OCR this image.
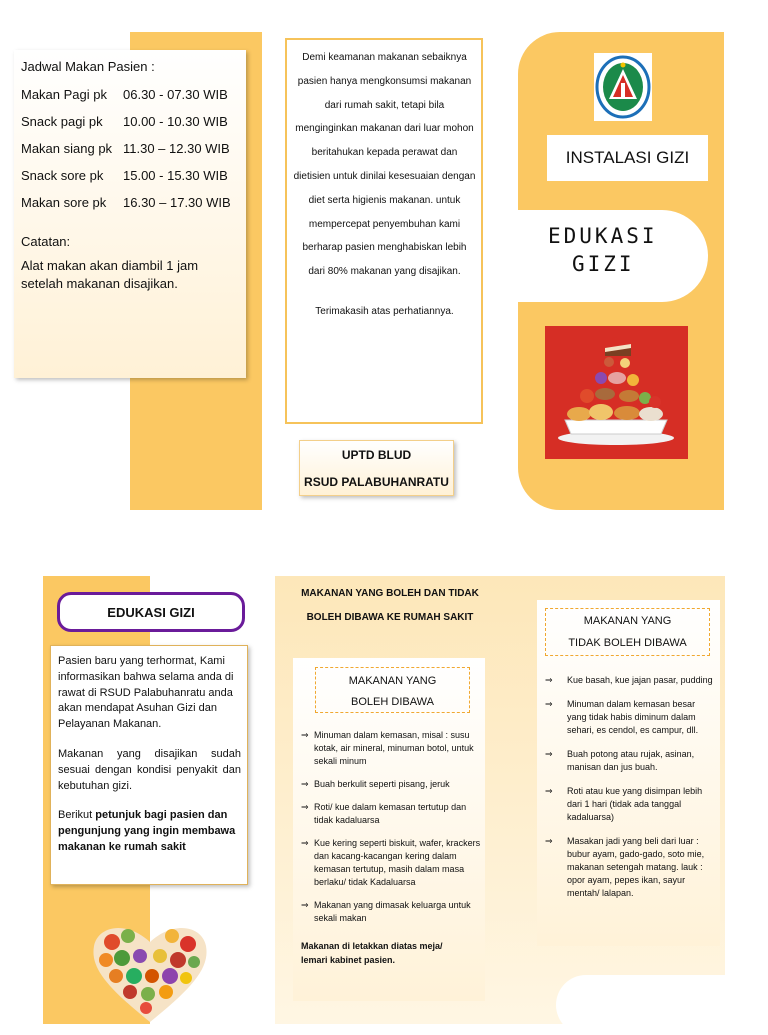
Jadwal Makan Pasien :
Makan Pagi pk	06.30 - 07.30 WIB
Snack pagi pk	10.00 - 10.30 WIB
Makan siang pk 11.30 – 12.30 WIB
Snack sore pk	15.00 - 15.30 WIB
Makan sore pk	16.30 – 17.30 WIB
Catatan:
Alat makan akan diambil 1 jam setelah makanan disajikan.
Demi keamanan makanan sebaiknya pasien hanya mengkonsumsi makanan dari rumah sakit, tetapi bila menginginkan makanan dari luar mohon beritahukan kepada perawat dan dietisien untuk dinilai kesesuaian dengan diet serta higienis makanan. untuk mempercepat penyembuhan kami berharap pasien menghabiskan lebih dari 80% makanan yang disajikan.
Terimakasih atas perhatiannya.
UPTD BLUD
RSUD PALABUHANRATU
INSTALASI GIZI
EDUKASI
GIZI
EDUKASI GIZI
Pasien baru yang terhormat, Kami informasikan bahwa selama anda di rawat di RSUD Palabuhanratu anda akan mendapat Asuhan Gizi dan Pelayanan Makanan.
Makanan yang disajikan sudah sesuai dengan kondisi penyakit dan kebutuhan gizi.
Berikut petunjuk bagi pasien dan pengunjung yang ingin membawa makanan ke rumah sakit
MAKANAN YANG BOLEH DAN TIDAK
BOLEH DIBAWA KE RUMAH SAKIT
MAKANAN YANG
BOLEH DIBAWA
⇒ Minuman dalam kemasan, misal : susu kotak, air mineral, minuman botol, untuk sekali minum
⇒ Buah berkulit seperti pisang, jeruk
⇒ Roti/ kue dalam kemasan tertutup dan tidak kadaluarsa
⇒ Kue kering seperti biskuit, wafer, krackers dan kacang-kacangan kering dalam kemasan tertutup, masih dalam masa berlaku/ tidak Kadaluarsa
⇒ Makanan yang dimasak keluarga untuk sekali makan
Makanan di letakkan diatas meja/ lemari kabinet pasien.
MAKANAN YANG
TIDAK BOLEH DIBAWA
⇒ Kue basah, kue jajan pasar, pudding
⇒ Minuman dalam kemasan besar yang tidak habis diminum dalam sehari, es cendol, es campur, dll.
⇒ Buah potong atau rujak, asinan, manisan dan jus buah.
⇒ Roti atau kue yang disimpan lebih dari 1 hari (tidak ada tanggal kadaluarsa)
⇒ Masakan jadi yang beli dari luar : bubur ayam, gado-gado, soto mie, makanan setengah matang. lauk : opor ayam, pepes ikan, sayur mentah/ lalapan.
